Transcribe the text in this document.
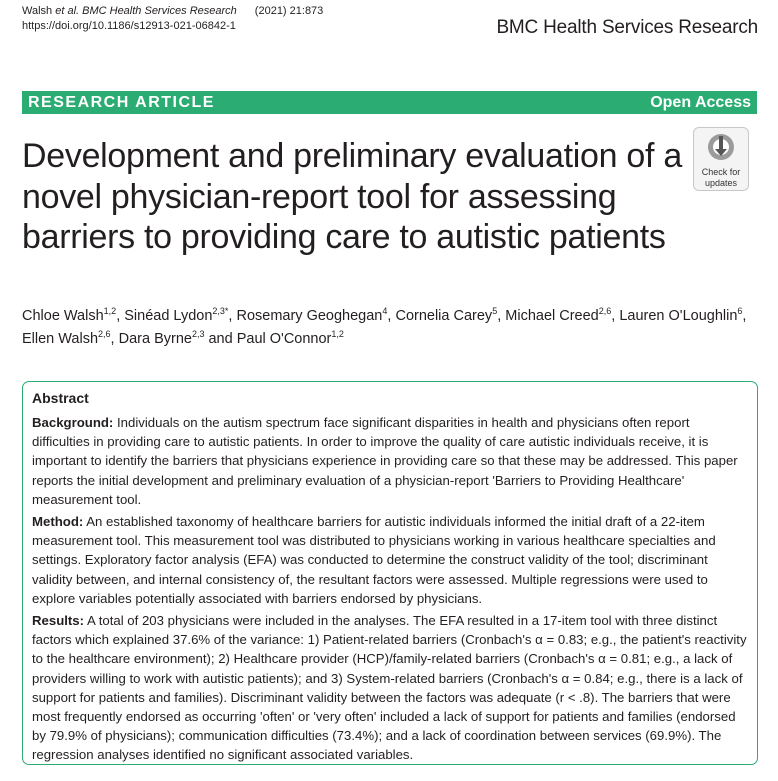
Walsh et al. BMC Health Services Research (2021) 21:873
https://doi.org/10.1186/s12913-021-06842-1	BMC Health Services Research
RESEARCH ARTICLE	Open Access
Development and preliminary evaluation of a novel physician-report tool for assessing barriers to providing care to autistic patients
Check for
updates
Chloe Walsh$^{1,2}$, Sinéad Lydon$^{2,3*}$, Rosemary Geoghegan$^4$, Cornelia Carey$^5$, Michael Creed$^{2,6}$, Lauren O'Loughlin$^6$,
Ellen Walsh$^{2,6}$, Dara Byrne$^{2,3}$ and Paul O'Connor$^{1,2}$
Abstract

Background: Individuals on the autism spectrum face significant disparities in health and physicians often report difficulties in providing care to autistic patients. In order to improve the quality of care autistic individuals receive, it is important to identify the barriers that physicians experience in providing care so that these may be addressed. This paper reports the initial development and preliminary evaluation of a physician-report 'Barriers to Providing Healthcare' measurement tool.

Method: An established taxonomy of healthcare barriers for autistic individuals informed the initial draft of a 22-item measurement tool. This measurement tool was distributed to physicians working in various healthcare specialties and settings. Exploratory factor analysis (EFA) was conducted to determine the construct validity of the tool; discriminant validity between, and internal consistency of, the resultant factors were assessed. Multiple regressions were used to explore variables potentially associated with barriers endorsed by physicians.

Results: A total of 203 physicians were included in the analyses. The EFA resulted in a 17-item tool with three distinct factors which explained 37.6% of the variance: 1) Patient-related barriers (Cronbach's α = 0.83; e.g., the patient's reactivity to the healthcare environment); 2) Healthcare provider (HCP)/family-related barriers (Cronbach's α = 0.81; e.g., a lack of providers willing to work with autistic patients); and 3) System-related barriers (Cronbach's α = 0.84; e.g., there is a lack of support for patients and families). Discriminant validity between the factors was adequate (r < .8). The barriers that were most frequently endorsed as occurring 'often' or 'very often' included a lack of support for patients and families (endorsed by 79.9% of physicians); communication difficulties (73.4%); and a lack of coordination between services (69.9%). The regression analyses identified no significant associated variables.
